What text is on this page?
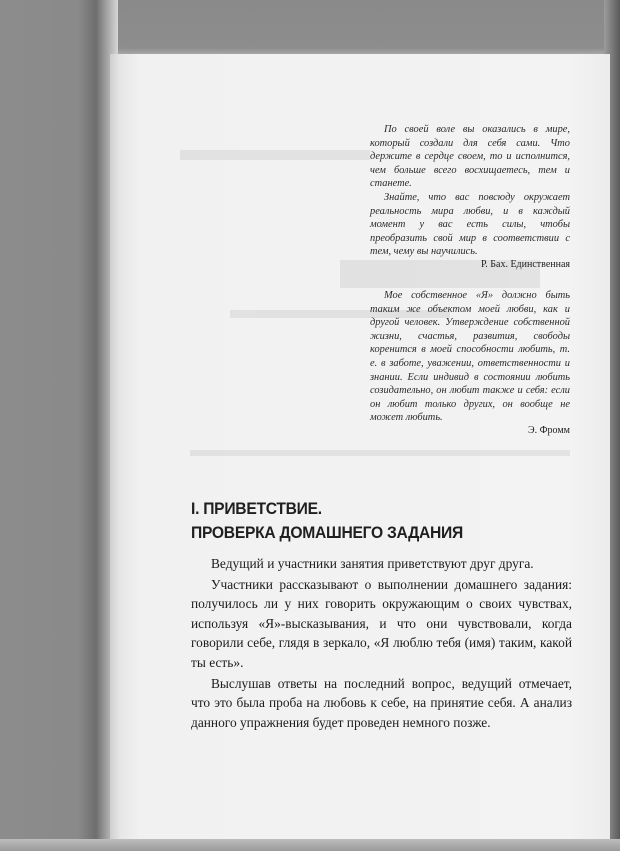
По своей воле вы оказались в мире, который создали для себя сами. Что держите в сердце своем, то и исполнится, чем больше всего восхищаетесь, тем и станете.

Знайте, что вас повсюду окружает реальность мира любви, и в каждый момент у вас есть силы, чтобы преобразить свой мир в соответствии с тем, чему вы научились.

Р. Бах. Единственная

Мое собственное «Я» должно быть таким же объектом моей любви, как и другой человек. Утверждение собственной жизни, счастья, развития, свободы коренится в моей способности любить, т. е. в заботе, уважении, ответственности и знании. Если индивид в состоянии любить созидательно, он любит также и себя: если он любит только других, он вообще не может любить.

Э. Фромм
I. ПРИВЕТСТВИЕ.
ПРОВЕРКА ДОМАШНЕГО ЗАДАНИЯ

Ведущий и участники занятия приветствуют друг друга.

Участники рассказывают о выполнении домашнего задания: получилось ли у них говорить окружающим о своих чувствах, используя «Я»-высказывания, и что они чувствовали, когда говорили себе, глядя в зеркало, «Я люблю тебя (имя) таким, какой ты есть».

Выслушав ответы на последний вопрос, ведущий отмечает, что это была проба на любовь к себе, на принятие себя. А анализ данного упражнения будет проведен немного позже.
